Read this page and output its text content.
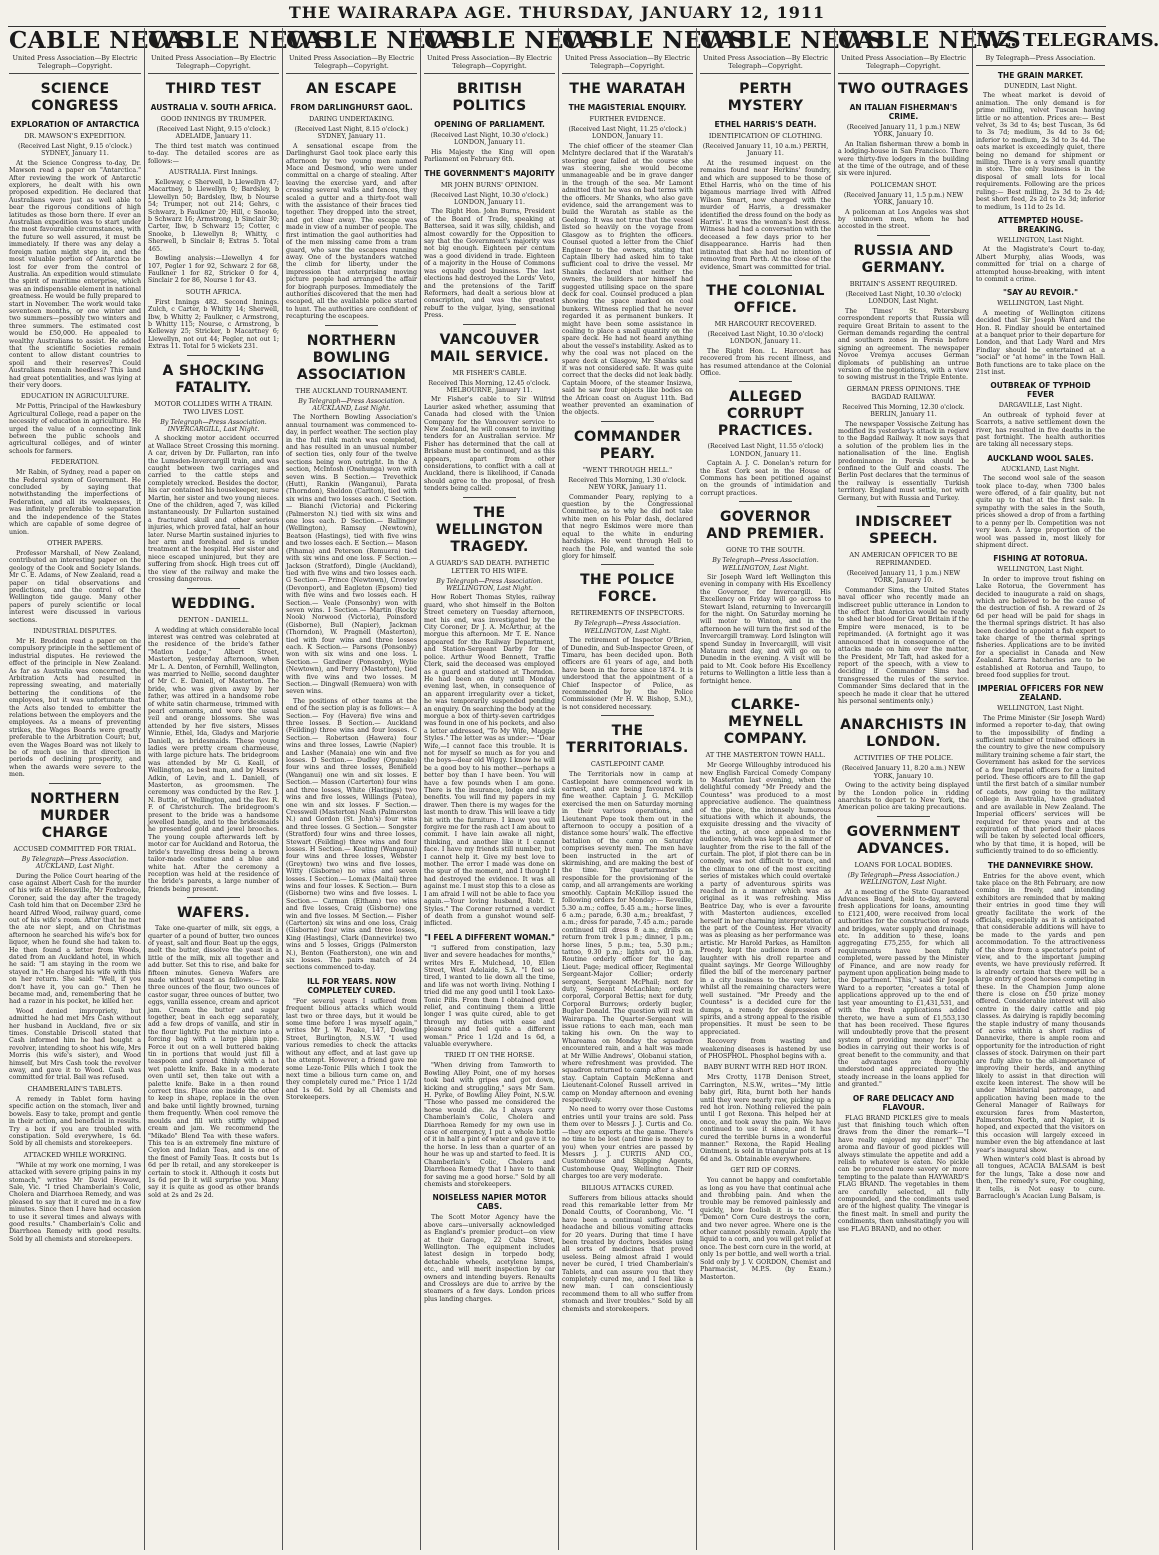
THE WAIRARAPA AGE. THURSDAY, JANUARY 12, 1911
CABLE NEWS
United Press Association—By Electric Telegraph—Copyright.
SCIENCE CONGRESS
EXPLORATION OF ANTARCTICA
DR. MAWSON'S EXPEDITION.
(Received Last Night, 9.15 o'clock.) SYDNEY, January 11.

At the Science Congress to-day, Dr. Mawson read a paper on "Antarctica." After reviewing the work of Antarctic explorers, he dealt with his own proposed expedition. He declared that Australians were just as well able to bear the rigorous conditions of high latitudes as those born there. If ever an Australian expedition was to start under the most favourable circumstances, with the future so well assured, it must be immediately. If there was any delay a foreign nation might step in, and the most valuable portion of Antarctica be lost for ever from the control of Australia. An expedition would stimulate the spirit of maritime enterprise, which was an indispensable element in national greatness. He would be fully prepared to start in November. The work would take seventeen months, or one winter and two summers—possibly two winters and three summers. The estimated cost would be £50,000. He appealed to wealthy Australians to assist. He added that the scientific Societies remain content to allow distant countries to spoil and their reserves? Could Australians remain heedless? This land had great potentialities, and was lying at their very doors.

EDUCATION IN AGRICULTURE.

Mr Pottis, Principal of the Hawkesbury Agricultural College, read a paper on the necessity of education in agriculture. He urged the value of a connecting link between the public schools and agricultural colleges, and of winter schools for farmers.

FEDERATION.

Mr Rabin, of Sydney, read a paper on the Federal system of Government. He concluded by saying that notwithstanding the imperfections of Federation, and all its weaknesses, it was infinitely preferable to separation and the independence of the States which are capable of some degree of union.

OTHER PAPERS.

Professor Marshall, of New Zealand, contributed an interesting paper on the geology of the Cook and Society Islands. Mr C. E. Adams, of New Zealand, read a paper on tidal observations and predictions, and the control of the Wellington tide gauge. Many other papers of purely scientific or local interest were discussed in various sections.

INDUSTRIAL DISPUTES.

Mr H. Broddon read a paper on the compulsory principle in the settlement of industrial disputes. He reviewed the effect of the principle in New Zealand. As far as Australia was concerned, the Arbitration Acts had resulted in repressing sweating, and materially bettering the conditions of the employees, but it was unfortunate that the Acts also tended to embitter the relations between the employers and the employees. As a means of preventing strikes, the Wages Boards were greatly preferable to the Arbitration Court; but, even the Wages Board was not likely to be of much use in that direction in periods of declining prosperity, and when the awards were severe to the men.

NORTHERN MURDER CHARGE
ACCUSED COMMITTED FOR TRIAL.
By Telegraph—Press Association. AUCKLAND, Last Night.

During the Police Court hearing of the case against Albert Cash for the murder of his wife at Helensville, Mr Foxbrooke, Coroner, said the day after the tragedy Cash told him that on December 23rd he heard Alfred Wood, railway guard, come out of his wife's room. After that he met the ate nor slept, and on Christmas afternoon he searched his wife's box for liquor, when he found she had taken to. He then found a letter from Woods, dated from an Auckland hotel, in which he said: "I am staying in the room we stayed in." He charged his wife with this on her return. She said: "Well, if you don't have it, you can go." Then he became mad, and, remembering that he had a razor in his pocket, he killed her.

Wood denied impropriety, but admitted he had met Mrs Cash without her husband in Auckland, five or six times. Constable Driscoll stated that Cash informed him he had bought a revolver, intending to shoot his wife, Mrs Morris (his wife's sister), and Wood himself, but Mrs Cash took the revolver away, and gave it to Wood. Cash was committed for trial. Bail was refused.

CHAMBERLAIN'S TABLETS.

A remedy in Tablet form having specific action on the stomach, liver and bowels. Easy to take, prompt and gentle in their action, and beneficial in results. Try a box if you are troubled with constipation. Sold everywhere, 1s 6d. Sold by all chemists and storekeepers.

ATTACKED WHILE WORKING.

"While at my work one morning, I was attacked with severe griping pains in my stomach," writes Mr David Howard, Sale, Vic. "I tried Chamberlain's Colic, Cholera and Diarrhoea Remedy, and was pleased to say that it cured me in a few minutes. Since then I have had occasion to use it several times and always with good results." Chamberlain's Colic and Diarrhoea Remedy with good results. Sold by all chemists and storekeepers.

CABLE NEWS
United Press Association—By Electric Telegraph—Copyright.
THIRD TEST
AUSTRALIA V. SOUTH AFRICA.
GOOD INNINGS BY TRUMPER.
(Received Last Night, 9.15 o'clock.) ADELAIDE, January 11.

The third test match was continued to-day. The detailed scores are as follows:—

AUSTRALIA. First Innings.

Kelleway, c Sherwell, b Llewellyn 47; Macartney, b Llewellyn 0; Bardsley, b Llewellyn 50; Bardsley, Ibw, b Nourse 54; Trumper, not out 214; Gehrs, c Schwarz, b Faulkner 20; Hill, c Snooke, b Schwarz 16; Armstrong, b Sinclair 30; Carter, Ibw, b Schwarz 15; Cotter, c Snooke, b Llewellyn 8; Whitty, c Sherwell, b Sinclair 8; Extras 5. Total 465.

Bowling analysis:—Llewellyn 4 for 107, Pegler 1 for 92, Schwarz 2 for 68, Faulkner 1 for 82, Stricker 0 for 4, Sinclair 2 for 86, Nourse 1 for 43.

SOUTH AFRICA.

First Innings 482. Second Innings. Zulch, c Carter, b Whitty 14; Sherwell, Ibw, b Whitty 2; Faulkner, c Armstrong, b Whitty 115; Nourse, c Armstrong, b Kelleway 25; Stricker, b Macartney 6; Llewellyn, not out 44; Pegler, not out 1; Extras 11. Total for 5 wickets 231.

A SHOCKING FATALITY.
MOTOR COLLIDES WITH A TRAIN. TWO LIVES LOST.
By Telegraph—Press Association. INVERCARGILL, Last Night.

A shocking motor accident occurred at Wallace Street Crossing this morning. A car, driven by Dr. Fullarton, ran into the Lumsden-Invercargill train, and was caught between two carriages and carried to the cattle steps and completely wrecked. Besides the doctor, his car contained his housekeeper, nurse Martin, her sister and two young nieces. One of the children, aged 7, was killed instantaneously. Dr Fullarton sustained a fractured skull and other serious injuries, which proved fatal, half an hour later. Nurse Martin sustained injuries to her arm and forehead and is under treatment at the hospital. Her sister and niece escaped uninjured, but they are suffering from shock. High trees cut off the view of the railway and make the crossing dangerous.

WEDDING.
DENTON - DANIELL.

A wedding at which considerable local interest was centred was celebrated at the residence of the bride's father "Matlon Lodge," Albert Street, Masterton, yesterday afternoon, when Mr L. A. Denton, of Fernhill, Wellington, was married to Nellie, second daughter of Mr C. E. Daniell, of Masterton. The bride, who was given away by her father, was attired in a handsome robe of white satin charmeuse, trimmed with pearl ornaments, and wore the usual veil and orange blossoms. She was attended by her five sisters, Misses Winnie, Ethel, Ida, Gladys and Marjorie Daniell, as bridesmaids. These young ladies were pretty cream charmeuse, with large picture hats. The bridegroom was attended by Mr G. Keall, of Wellington, as best man, and by Messrs Adkin, of Levin, and L. Daniell, of Masterton, as groomsmen. The ceremony was conducted by the Rev. J. N. Buttle, of Wellington, and the Rev. R. F. of Christchurch. The bridegroom's present to the bride was a handsome jewelled bangle, and to the bridesmaids he presented gold and jewel brooches. The young couple afterwards left by motor car for Auckland and Rotorua, the bride's travelling dress being a brown tailor-made costume and a blue and white hat. After the ceremony a reception was held at the residence of the bride's parents, a large number of friends being present.

WAFERS.

Take one-quarter of milk, six eggs, a quarter of a pound of butter, two ounces of yeast, salt and flour. Beat up the eggs, melt the butter, dissolve the yeast in a little of the milk, mix all together and add butter. Set this to rise, and bake for fifteen minutes. Geneva Wafers are made without yeast as follows:— Take three ounces of the flour, two ounces of castor sugar, three ounces of butter, two eggs, vanilla essence, cream and apricot jam. Cream the butter and sugar together, beat in each egg separately, add a few drops of vanilla, and stir in the flour lightly. Put the mixture into a forcing bag with a large plain pipe. Force it out on a well buttered baking tin in portions that would just fill a teaspoon and spread thinly with a hot wet palette knife. Bake in a moderate oven until set, then take out with a palette knife. Bake in a then round correct tins. Place one inside the other to keep in shape, replace in the oven and bake until lightly browned, turning them frequently. When cool remove the moulds and fill with stiffly whipped cream and jam. We recommend the "Mikado" Blend Tea with these wafers. This tea is an extremely fine mixture of Ceylon and Indian Teas, and is one of the finest of Family Teas. It costs but 1s 6d per lb retail, and any storekeeper is certain to stock it. Although it costs but 1s 6d per lb it will surprise you. Many say it is quite as good as other brands sold at 2s and 2s 2d.

CABLE NEWS
United Press Association—By Electric Telegraph—Copyright.
AN ESCAPE
FROM DARLINGHURST GAOL.
DARING UNDERTAKING.
(Received Last Night, 8.15 o'clock.) SYDNEY, January 11.

A sensational escape from the Darlinghurst Gaol took place early this afternoon by two young men named Mace and Desmond, who were under committal on a charge of stealing. After leaving the exercise yard, and after crossing several walls and fences, they scaled a gutter and a thirty-foot wall with the assistance of their braces tied together. They dropped into the street, and got clear away. The escape was made in view of a number of people. The first intimation the gaol authorities had of the men missing came from a tram guard, who saw the escapees running away. One of the bystanders watched the climb for liberty, under the impression that enterprising moving picture people had arranged the affair for biograph purposes. Immediately the authorities discovered that the men had escaped, all the available police started to hunt. The authorities are confident of recapturing the escapees.

NORTHERN BOWLING ASSOCIATION
THE AUCKLAND TOURNAMENT.
By Telegraph—Press Association. AUCKLAND, Last Night.

The Northern Bowling Association's annual tournament was commenced to-day, in perfect weather. The section play in the full rink match was completed, and has resulted in an unusual number of section ties, only four of the twelve sections being won outright. In the A section, McIntosh (Onehunga) won with seven wins. B Section.— Trevethick (Hutt), Rankin (Wanganui), Parata (Thorndon), Sheldon (Carlton), tied with six wins and two losses each. C Section.— Bianchi (Victoria) and Pickering (Palmerston N.) tied with six wins and one loss each. D Section.— Ballinger (Wellington), Ramsay (Newtown), Beatson (Hastings), tied with five wins and two losses each. E Section.— Mason (Pihama) and Peterson (Remuera) tied with six wins and one loss. F Section.— Jackson (Stratford), Dingle (Auckland), tied with five wins and two losses each. G Section.— Prince (Newtown), Crowley (Devonport), and Eagleton (Epsom) tied with five wins and two losses each. H Section.— Veale (Ponsonby) won with seven wins. I Section.— Martin (Rocky Nook) Norwood (Victoria), Poinsford (Gisborne), Bull (Napier), Jackman (Thorndon), W. Pragnell (Masterton), tied with four wins and three losses each. K Section.— Parsons (Ponsonby) won with six wins and one loss. L Section.— Gardiner (Ponsonby), Wylie (Newtown), and Perry (Masterton), tied with five wins and two losses. M Section.— Dingwall (Remuera) won with seven wins.

The positions of other teams at the end of the section play is as follows:— A Section.— Foy (Havera) five wins and three losses. B Section.— Auckland (Feilding) three wins and four losses. C Section.— Robertson (Hawera) four wins and three losses, Lawrie (Napier) and Lasher (Manaia) one win and five losses. D Section.— Dudley (Opunake) four wins and three losses, Benifield (Wanganui) one win and six losses. E Section.— Masson (Carterton) four wins and three losses, White (Hastings) two wins and five losses, Willings (Patea), one win and six losses. F Section.— Cresswell (Masterton) Nash (Palmerston N.) and Gordon (St. John's) four wins and three losses. G Section.— Songster (Stratford) four wins and three losses, Stewart (Feilding) three wins and four losses. H Section.— Keating (Wanganui) four wins and three losses, Webster (Greytown) two wins and five losses, Witty (Gisborne) no wins and seven losses. I Section.— Lomax (Maitai) three wins and four losses. K Section.— Burn (Gisborne) two wins and five losses. L Section.— Carman (Eltham) two wins and five losses, Craig (Gisborne) one win and five losses. M Section.— Fisher (Carterton) six wins and one loss, Craig (Gisborne) four wins and three losses, King (Hastings), Clark (Dannevirke) two wins and 5 losses, Griggs (Palmerston N.), Benton (Featherston), one win and six losses. The pairs match of 24 sections commenced to-day.

ILL FOR YEARS. NOW COMPLETELY CURED.

"For several years I suffered from frequent bilious attacks which would last two or three days, but it would be some time before I was myself again," writes Mr J. W. Peake, 147, Dowling Street, Burlington, N.S.W. "I used various remedies to check the attacks without any effect, and at last gave up the attempt. However, a friend gave me some Leze-Tonic Pills which I took the next time a bilious turn came on, and they completely cured me." Price 1 1/2d and 1s 6d. Sold by all Chemists and Storekeepers.

CABLE NEWS
United Press Association—By Electric Telegraph—Copyright.
BRITISH POLITICS
OPENING OF PARLIAMENT.
(Received Last Night, 10.30 o'clock.) LONDON, January 11.

His Majesty the King will open Parliament on February 6th.

THE GOVERNMENT'S MAJORITY
MR JOHN BURNS' OPINION.
(Received Last Night, 10.30 o'clock.) LONDON, January 11.

The Right Hon. John Burns, President of the Board of Trade, speaking at Battersea, said it was silly, childish, and almost cowardly for the Opposition to say that the Government's majority was not big enough. Eighteen per centum was a good dividend in trade. Eighteen of a majority in the House of Commons was equally good business. The last elections had destroyed the Lords' Veto, and the pretensions of the Tariff Reformers, had dealt a serious blow at conscription, and was the greatest rebuff to the vulgar, lying, sensational Press.

VANCOUVER MAIL SERVICE.
MR FISHER'S CABLE.
Received This Morning, 12.45 o'clock. MELBOURNE, January 11.

Mr Fisher's cable to Sir Wilfrid Laurier asked whether, assuming that Canada had closed with the Union Company for the Vancouver service to New Zealand, he will consent to inviting tenders for an Australian service. Mr Fisher has determined that the call at Brisbane must be continued, and as this appears, apart from other considerations, to conflict with a call at Auckland, there is likelihood, if Canada should agree to the proposal, of fresh tenders being called.

THE WELLINGTON TRAGEDY.
A GUARD'S SAD DEATH. PATHETIC LETTER TO HIS WIFE.
By Telegraph—Press Association. WELLINGTON, Last Night.

How Robert Thomas Styles, railway guard, who shot himself in the Bolton Street cemetery on Tuesday afternoon, met his end, was investigated by the City Coroner, Dr J. A. McArthur, at the morgue this afternoon. Mr T. E. Nance appeared for the Railway Department, and Station-Sergeant Darby for the police. Arthur Wood Bennett, Traffic Clerk, said the deceased was employed as a guard and stationed at Thorndon. He had been on duty until Monday evening last, when, in consequence of an apparent irregularity over a ticket, he was temporarily suspended pending an enquiry. On searching the body at the morgue a box of thirty-seven cartridges was found in one of his pockets, and also a letter addressed, "To My Wife, Maggie Styles." The letter was as under:— "Dear Wife,—I cannot face this trouble. It is not for myself so much as for you and the boys—dear old Wiggy. I know he will be a good boy to his mother—perhaps a better boy than I have been. You will have a few pounds when I am gone. There is the insurance, lodge and sick benefits. You will find my papers in my drawer. Then there is my wages for the last month to draw. This will leave a tidy bit with the furniture. I know you will forgive me for the rash act I am about to commit. I have lain awake all night, thinking, and another like it I cannot face. I have my friends still number, but I cannot help it. Give my best love to mother. The error I made was done on the spur of the moment, and I thought I had destroyed the evidence. It was all against me. I must stop this to a close as I am afraid I will not be able to face you again.—Your loving husband, Robt. T. Styles." The Coroner returned a verdict of death from a gunshot wound self-inflicted.

"I FEEL A DIFFERENT WOMAN."

"I suffered from constipation, lazy liver and severe headaches for months," writes Mrs E. Mulchead, 10, Ellen Street, West Adelaide, S.A. "I feel so tired, I wanted to lie down all the time, and life was not worth living. Nothing I tried did me any good until I took Laxo-Tonic Pills. From them I obtained great relief, and continuing them a little longer I was quite cured, able to get through my duties with ease and pleasure and feel quite a different woman." Price 1 1/2d and 1s 6d, a valuable everywhere.

TRIED IT ON THE HORSE.

"When driving from Tamworth to Bowling Alley Point, one of my horses took bad with gripes and got down, kicking and struggling," says Mr Sam. H. Pyrke, of Bowling Alley Point, N.S.W. "Those who passed me considered the horse would die. As I always carry Chamberlain's Colic, Cholera and Diarrhoea Remedy for my own use in case of emergency, I put a whole bottle of it in half a pint of water and gave it to the horse. In less than a quarter of an hour he was up and started to feed. It is Chamberlain's Colic, Cholera and Diarrhoea Remedy that I have to thank for saving me a good horse." Sold by all chemists and storekeepers.

NOISELESS NAPIER MOTOR CABS.

The Scott Motor Agency have the above cars—universally acknowledged as England's premier product—on view at their Garage, 22 Cuba Street, Wellington. The equipment includes latest design in torpedo body, detachable wheels, acetylene lamps, etc., and will merit inspection by car owners and intending buyers. Renaults and Crossleys are due to arrive by the steamers of a few days. London prices plus landing charges.

CABLE NEWS
United Press Association—By Electric Telegraph—Copyright.
THE WARATAH
THE MAGISTERIAL ENQUIRY.
FURTHER EVIDENCE.
(Received Last Night, 11.25 o'clock.) LONDON, January 11.

The chief officer of the steamer Clan McIntyre declared that if the Waratah's steering gear failed at the course she was steering, she would become unmanageable and be in grave danger in the trough of the sea. Mr Lamont admitted that he was on bad terms with the officers. Mr Shanks, who also gave evidence, said the arrangement was to build the Waratah as stable as the Geelong. It was not true that the vessel listed so heavily on the voyage from Glasgow as to frighten the officers. Counsel quoted a letter from the Chief Engineer to the owners, stating that Captain Ilbery had asked him to take sufficient coal to drive the vessel. Mr Shanks declared that neither the owners, the builders nor himself had suggested utilising space on the spare deck for coal. Counsel produced a plan showing the space marked on coal bunkers. Witness replied that he never regarded it as permanent bunkers. It might have been some assistance in coaling to place a small quantity on the spare deck. He had not heard anything about the vessel's instability. Asked as to why the coal was not placed on the spare deck at Glasgow, Mr Shanks said it was not considered safe. It was quite correct that the decks did not leak badly. Captain Moore, of the steamer Insizwa, said he saw four objects like bodies on the African coast on August 11th. Bad weather prevented an examination of the objects.

COMMANDER PEARY.
"WENT THROUGH HELL."
Received This Morning, 1.30 o'clock. NEW YORK, January 11.

Commander Peary, replying to a question by the Congressional Committee, as to why he did not take white men on his Polar dash, declared that negro Eskimos were more than equal to the white in enduring hardships. He went through Hell to reach the Pole, and wanted the sole glory for himself.

THE POLICE FORCE.
RETIREMENTS OF INSPECTORS.
By Telegraph—Press Association. WELLINGTON, Last Night.

The retirement of Inspector O'Brien, of Dunedin, and Sub-Inspector Green, of Timaru, has been decided upon. Both officers are 61 years of age, and both have been in the force since 1874. It is understood that the appointment of a Chief Inspector of Police, as recommended by the Police Commissioner (Mr H. W. Bishop, S.M.), is not considered necessary.

THE TERRITORIALS.
CASTLEPOINT CAMP.

The Territorials now in camp at Castlepoint have commenced work in earnest, and are being favoured with fine weather. Captain J. G. McKillop exercised the men on Saturday morning in their various operations, and Lieutenant Pope took them out in the afternoon to occupy a position of a distance some hours' walk. The effective battalion of the camp on Saturday comprises seventy men. The men have been instructed in the art of skirmishing, and are making the best of the time. The quartermaster is responsible for the provisioning of the camp, and all arrangements are working smoothly. Captain McKillop issued the following orders for Monday:— Reveille, 5.30 a.m.; coffee, 5.45 a.m.; horse lines, 6 a.m.; parade, 6.30 a.m.; breakfast, 7 a.m.; dress for parade, 7.45 a.m.; parade continued till dress 8 a.m.; drills on return from trek 1 p.m.; dinner, 1 p.m.; horse lines, 5 p.m.; tea, 5.30 p.m.; tattoo, 9.30 p.m.; lights out, 10 p.m. Routine orderly officer for the day, Lieut. Page; medical officer, Regimental Sergeant-Major Collier; orderly sergeant, Sergeant McPhail; next for duty, Sergeant McLachlan; orderly corporal, Corporal Bettis; next for duty, Corporal Burrows; orderly bugler, Bugler Donald. The question will rest in Wairarapa. The Quarter-Sergeant will issue rations to each man, each man taking his own. On the way to Whareama on Monday the squadron encountered rain, and a halt was made at Mr Willie Andrews', Olobanui station, where refreshment was provided. The squadron returned to camp after a short stay. Captain Captain McKenna and Lieutenant-Colonel Russell arrived in camp on Monday afternoon and evening respectively.

No need to worry over those Customs entries until your trains are sold. Pass them over to Messrs J. J. Curtis and Co.—they are experts at the game. There's no time to be lost (and time is money to you) when your entries are passed by Messrs J. J. CURTIS AND CO., Customhouse and Shipping Agents, Customhouse Quay, Wellington. Their charges too are very moderate.

BILIOUS ATTACKS CURED.

Sufferers from bilious attacks should read this remarkable letter from Mr Donald Coutts, of Cooranbong, Vic. "I have been a continual sufferer from headache and bilious vomiting attacks for 20 years. During that time I have been treated by doctors, besides using all sorts of medicines that proved useless. Being almost afraid I would never be cured, I tried Chamberlain's Tablets, and can assure you that they completely cured me, and I feel like a new man. I can conscientiously recommend them to all who suffer from stomach and liver troubles." Sold by all chemists and storekeepers.

CABLE NEWS
United Press Association—By Electric Telegraph—Copyright.
PERTH MYSTERY
ETHEL HARRIS'S DEATH.
IDENTIFICATION OF CLOTHING.
(Received January 11, 10 a.m.) PERTH, January 11.

At the resumed inquest on the remains found near Herkins' foundry, and which are supposed to be those of Ethel Harris, who on the time of his bigamous marriage lived with Alfred Wilson Smart, now charged with the murder of Harris, a dressmaker identified the dress found on the body as Harris'. It was the woman's best dress. Witness had had a conversation with the deceased a few days prior to her disappearance. Harris had then intimated that she had no intention of removing from Perth. At the close of the evidence, Smart was committed for trial.

THE COLONIAL OFFICE.
MR HARCOURT RECOVERED.
(Received Last Night, 10.30 o'clock) LONDON, January 11.

The Right Hon. L. Harcourt has recovered from his recent illness, and has resumed attendance at the Colonial Office.

ALLEGED CORRUPT PRACTICES.
(Received Last Night, 11.55 o'clock) LONDON, January 11.

Captain A. J. C. Donelan's return for the East Cork seat in the House of Commons has been petitioned against on the grounds of intimidation and corrupt practices.

GOVERNOR AND PREMIER.
GONE TO THE SOUTH.
By Telegraph—Press Association. WELLINGTON, Last Night.

Sir Joseph Ward left Wellington this evening in company with His Excellency the Governor, for Invercargill. His Excellency on Friday will go across to Stewart Island, returning to Invercargill for the night. On Saturday morning he will motor to Winton, and in the afternoon he will turn the first sod of the Invercargill tramway. Lord Islington will spend Sunday in Invercargill, will visit Mataura next day, and will go on to Dunedin in the evening. A visit will be paid to Mt. Cook before His Excellency returns to Wellington a little less than a fortnight hence.

CLARKE-MEYNELL COMPANY.
AT THE MASTERTON TOWN HALL.

Mr George Willoughby introduced his new English Farcical Comedy Company to Masterton last evening, when the delightful comedy "Mr Preedy and the Countess" was produced to a most appreciative audience. The quaintness of the piece, the intensely humorous situations with which it abounds, the exquisite dressing and the vivacity of the acting, at once appealed to the audience, which was kept in a simmer of laughter from the rise to the fall of the curtain. The plot, if plot there can be in comedy, was not difficult to trace, and the climax to one of the most exciting series of mistakes which could overtake a party of adventurous spirits was reached in a manner which was as original as it was refreshing. Miss Beatrice Day, who is ever a favourite with Masterton audiences, excelled herself in her charming interpretation of the part of the Countess. Her vivacity was as pleasing as her performance was artistic. Mr Harold Parkes, as Hamilton Preedy, kept the audience in roars of laughter with his droll repartee and quaint sayings. Mr George Willoughby filled the bill of the mercenary partner in a city business to the very letter, whilst all the remaining characters were well sustained. "Mr Preedy and the Countess" is a decided cure for the dumps, a remedy for depression of spirits, and a strong appeal to the risible propensities. It must be seen to be appreciated.

Recovery from wasting and weakening diseases is hastened by use of PHOSPHOL. Phosphol begins with a.

BABY BURNT WITH RED HOT IRON.

Mrs Crotty, 117B Denison Street, Carrington, N.S.W., writes—"My little baby girl, Rita, burnt both her hands until they were nearly raw, picking up a red hot iron. Nothing relieved the pain until I got Rexona. This helped her at once, and took away the pain. We have continued to use it since, and it has cured the terrible burns in a wonderful manner." Rexona, the Rapid Healing Ointment, is sold in triangular pots at 1s 6d and 3s. Obtainable everywhere.

GET RID OF CORNS.

You cannot be happy and comfortable as long as you have that continual ache and throbbing pain. And when the trouble may be removed painlessly and quickly, how foolish it is to suffer. "Demon" Corn Cure destroys the corn, and two never agree. Where one is the other cannot possibly remain. Apply the liquid to a corn, and you will get relief at once. The best corn cure in the world, at only 1s per bottle, and well worth a trial. Sold only by J. V. GORDON, Chemist and Pharmacist, M.P.S. (by Exam.) Masterton.

CABLE NEWS
United Press Association—By Electric Telegraph—Copyright.
TWO OUTRAGES
AN ITALIAN FISHERMAN'S CRIME.
(Received January 11, 1 p.m.) NEW YORK, January 10.

An Italian fisherman threw a bomb in a lodging-house in San Francisco. There were thirty-five lodgers in the building at the time of the outrage, and of these six were injured.

POLICEMAN SHOT.
(Received January 11, 1.5 p.m.) NEW YORK, January 10.

A policeman at Los Angeles was shot by unknown men, whom he had accosted in the street.

RUSSIA AND GERMANY.
BRITAIN'S ASSENT REQUIRED.
(Received Last Night, 10.30 o'clock) LONDON, Last Night.

The Times' St. Petersburg correspondent reports that Russia will require Great Britain to assent to the German demands regarding the central and southern zones in Persia before signing an agreement. The newspaper Novoe Vremya accuses German diplomats of publishing an untrue version of the negotiations, with a view to sowing mistrust in the Triple Entente.

GERMAN PRESS OPINIONS. THE BAGDAD RAILWAY.
Received This Morning, 12.30 o'clock. BERLIN, January 11.

The newspaper Vossische Zeitung has modified its yesterday's attack in regard to the Bagdad Railway. It now says that a solution of the problem lies in the nationalisation of the line. English predominance in Persia should be confined to the Gulf and coasts. The Berlin Post declares that the terminus of the railway is essentially Turkish territory. England must settle, not with Germany, but with Russia and Turkey.

INDISCREET SPEECH.
AN AMERICAN OFFICER TO BE REPRIMANDED.
(Received January 11, 1 p.m.) NEW YORK, January 10.

Commander Sims, the United States naval officer who recently made an indiscreet public utterance in London to the effect that America would be ready to shed her blood for Great Britain if the Empire were menaced, is to be reprimanded. (A fortnight ago it was announced that in consequence of the attacks made on him over the matter, the President, Mr Taft, had asked for a report of the speech, with a view to deciding if Commander Sims had transgressed the rules of the service. Commander Sims declared that in the speech he made it clear that he uttered his personal sentiments only.)

ANARCHISTS IN LONDON.
ACTIVITIES OF THE POLICE.
(Received January 11, 8.20 a.m.) NEW YORK, January 10.

Owing to the activity being displayed by the London police in ridding anarchists to depart to New York, the American police are taking precautions.

GOVERNMENT ADVANCES.
LOANS FOR LOCAL BODIES.
(By Telegraph—Press Association.) WELLINGTON, Last Night.

At a meeting of the State Guaranteed Advances Board, held to-day, several fresh applications for loans, amounting to £121,400, were received from local authorities for the construction of roads and bridges, water supply and drainage, etc. In addition to these, loans aggregating £75,255, for which all requirements have been fully completed, were passed by the Minister of Finance, and are now ready for payment upon application being made to the Department. "This," said Sir Joseph Ward to a reporter, "creates a total of applications approved up to the end of last year amounting to £1,431,531, and with the fresh applications added thereto, we have a sum of £1,553,130 that has been received. These figures will undoubtedly prove that the present system of providing money for local bodies in carrying out their works is of great benefit to the community, and that the advantages are thoroughly understood and appreciated by the steady increase in the loans applied for and granted."

OF RARE DELICACY AND FLAVOUR.

FLAG BRAND PICKLES give to meals just that finishing touch which often draws from the diner the remark—"I have really enjoyed my dinner!" The aroma and flavour of good pickles will always stimulate the appetite and add a relish to whatever is eaten. No pickle can be procured more savory or more tempting to the palate than HAYWARD'S FLAG BRAND. The vegetables in them are carefully selected, all fully compounded, and the condiments used are of the highest quality. The vinegar is the finest malt. In smell and purity the condiments, then unhesitatingly you will use FLAG BRAND, and no other.

N.Z. TELEGRAMS.
By Telegraph—Press Association.
THE GRAIN MARKET.
DUNEDIN, Last Night.

The wheat market is devoid of animation. The only demand is for prime milling, velvet Tuscan having little or no attention. Prices are:— Best velvet, 3s 3d to 4s; best Tuscan, 3s 6d to 3s 7d; medium, 3s 4d to 3s 6d; inferior to medium, 2s 3d to 3s 4d. The oats market is exceedingly quiet, there being no demand for shipment or milling. There is a very small quantity in store. The only business is in the disposal of small lots for local requirements. Following are the prices ruling:— Best milling, 2s 3d to 2s 4d; best short feed, 2s 2d to 2s 3d; inferior to medium, 1s 11d to 2s 1d.

ATTEMPTED HOUSE-BREAKING.
WELLINGTON, Last Night.

At the Magistrate's Court to-day, Albert Murphy, alias Woods, was committed for trial on a charge of attempted house-breaking, with intent to commit a crime.

"SAY AU REVOIR."
WELLINGTON, Last Night.

A meeting of Wellington citizens decided that Sir Joseph Ward and the Hon. R. Findlay should be entertained at a banquet prior to their departure for London, and that Lady Ward and Mrs Findlay should be entertained at a "social" or "at home" in the Town Hall. Both functions are to take place on the 21st inst.

OUTBREAK OF TYPHOID FEVER
DARGAVILLE, Last Night.

An outbreak of typhoid fever at Scarrots, a native settlement down the river, has resulted in five deaths in the past fortnight. The health authorities are taking all necessary steps.

AUCKLAND WOOL SALES.
AUCKLAND, Last Night.

The second wool sale of the season took place to-day, when 7300 bales were offered, of a fair quality, but not quite up to that at the first sale. In sympathy with the sales in the South, prices showed a drop of from a farthing to a penny per lb. Competition was not very keen. A large proportion of the wool was passed in, most likely for shipment direct.

FISHING AT ROTORUA.
WELLINGTON, Last Night.

In order to improve trout fishing on Lake Rotorua, the Government has decided to inaugurate a raid on shags, which are believed to be the cause of the destruction of fish. A reward of 2s 6d per head will be paid for shags in the thermal springs district. It has also been decided to appoint a fish expert to take charge of the thermal springs fisheries. Applications are to be invited for a specialist in Canada and New Zealand. Karra hatcheries are to be established at Rotorua and Taupo, to breed food supplies for trout.

IMPERIAL OFFICERS FOR NEW ZEALAND.
WELLINGTON, Last Night.

The Prime Minister (Sir Joseph Ward) informed a reporter to-day, that owing to the impossibility of finding a sufficient number of trained officers in the country to give the new compulsory military training scheme a fair start, the Government has asked for the services of a few Imperial officers for a limited period. These officers are to fill the gap until the first batch of a similar number of cadets, now going to the military college in Australia, have graduated and are available in New Zealand. The Imperial officers' services will be required for three years and at the expiration of that period their places will be taken by selected local officers, who by that time, it is hoped, will be sufficiently trained to do so efficiently.

THE DANNEVIRKE SHOW.

Entries for the above event, which take place on the 8th February, are now coming in freely, and intending exhibitors are reminded that by making their entries in good time they will greatly facilitate the work of the officials, especially as it is anticipated that considerable additions will have to be made to the yards and pen accommodation. To the attractiveness of the show from a spectator's point of view, and to the important jumping events, we have previously referred. It is already certain that there will be a large entry of good horses competing in these. In the Champion Jump alone there is close on £50 prize money offered. Considerable interest will also centre in the dairy cattle and pig classes. As dairying is rapidly becoming the staple industry of many thousands of acres within a short radius of Dannevirke, there is ample room and opportunity for the introduction of right classes of stock. Dairymen on their part are fully alive to the all-importance of improving their herds, and anything likely to assist in that direction will excite keen interest. The show will be under Ministerial patronage, and application having been made to the General Manager of Railways for excursion fares from Masterton, Palmerston North, and Napier, it is hoped, and expected that the visitors on this occasion will largely exceed in number even the big attendance at last year's inaugural show.

When winter's cold blast is abroad by all tongues, ACACIA BALSAM is best for the lungs, Take a dose now and then, The remedy's sure, For coughing, it tells, is Not easy to cure. Barraclough's Acacian Lung Balsam, is
